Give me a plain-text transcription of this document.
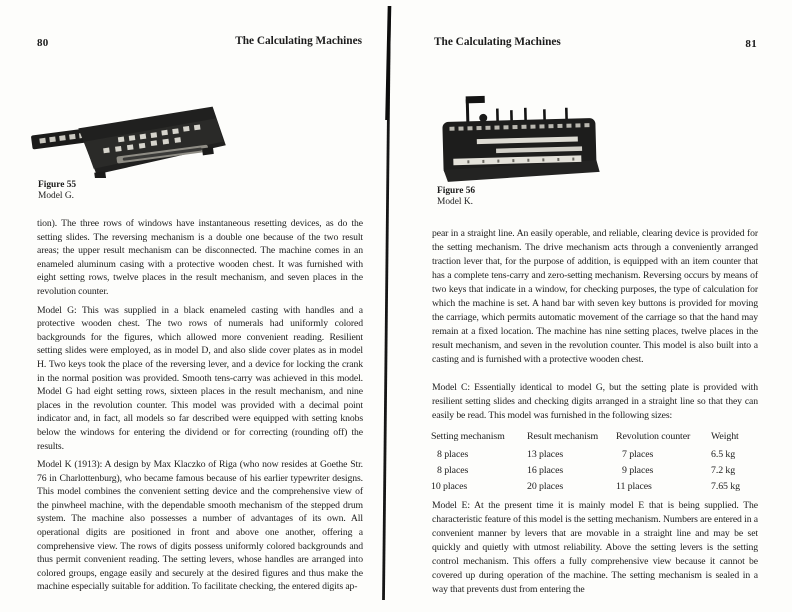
80	The Calculating Machines
Figure 55
Model G.

tion). The three rows of windows have instantaneous resetting devices, as do the setting slides. The reversing mechanism is a double one because of the two result areas; the upper result mechanism can be disconnected. The machine comes in an enameled aluminum casing with a protective wooden chest. It was furnished with eight setting rows, twelve places in the result mechanism, and seven places in the revolution counter.

Model G: This was supplied in a black enameled casting with handles and a protective wooden chest. The two rows of numerals had uniformly colored backgrounds for the figures, which allowed more convenient reading. Resilient setting slides were employed, as in model D, and also slide cover plates as in model H. Two keys took the place of the reversing lever, and a device for locking the crank in the normal position was provided. Smooth tens-carry was achieved in this model. Model G had eight setting rows, sixteen places in the result mechanism, and nine places in the revolution counter. This model was provided with a decimal point indicator and, in fact, all models so far described were equipped with setting knobs below the windows for entering the dividend or for correcting (rounding off) the results.

Model K (1913): A design by Max Klaczko of Riga (who now resides at Goethe Str. 76 in Charlottenburg), who became famous because of his earlier typewriter designs. This model combines the convenient setting device and the comprehensive view of the pinwheel machine, with the dependable smooth mechanism of the stepped drum system. The machine also possesses a number of advantages of its own. All operational digits are positioned in front and above one another, offering a comprehensive view. The rows of digits possess uniformly colored backgrounds and thus permit convenient reading. The setting levers, whose handles are arranged into colored groups, engage easily and securely at the desired figures and thus make the machine especially suitable for addition. To facilitate checking, the entered digits ap-

The Calculating Machines	81
Figure 56
Model K.

pear in a straight line. An easily operable, and reliable, clearing device is provided for the setting mechanism. The drive mechanism acts through a conveniently arranged traction lever that, for the purpose of addition, is equipped with an item counter that has a complete tens-carry and zero-setting mechanism. Reversing occurs by means of two keys that indicate in a window, for checking purposes, the type of calculation for which the machine is set. A hand bar with seven key buttons is provided for moving the carriage, which permits automatic movement of the carriage so that the hand may remain at a fixed location. The machine has nine setting places, twelve places in the result mechanism, and seven in the revolution counter. This model is also built into a casting and is furnished with a protective wooden chest.

Model C: Essentially identical to model G, but the setting plate is provided with resilient setting slides and checking digits arranged in a straight line so that they can easily be read. This model was furnished in the following sizes:

Setting mechanism	Result mechanism	Revolution counter	Weight
8 places	13 places	7 places	6.5 kg
8 places	16 places	9 places	7.2 kg
10 places	20 places	11 places	7.65 kg

Model E: At the present time it is mainly model E that is being supplied. The characteristic feature of this model is the setting mechanism. Numbers are entered in a convenient manner by levers that are movable in a straight line and may be set quickly and quietly with utmost reliability. Above the setting levers is the setting control mechanism. This offers a fully comprehensive view because it cannot be covered up during operation of the machine. The setting mechanism is sealed in a way that prevents dust from entering the
